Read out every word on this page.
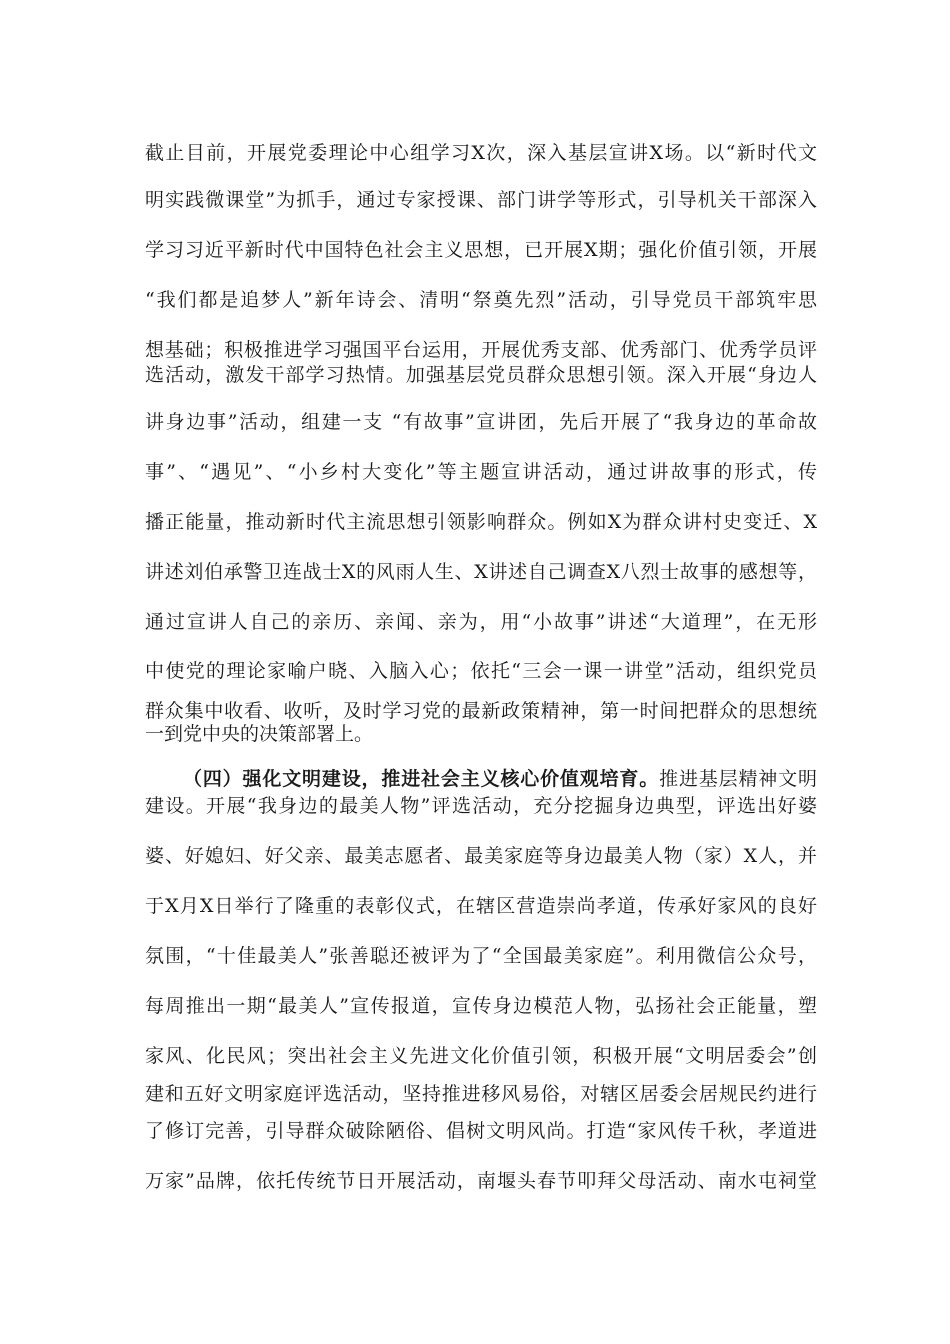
截止目前，开展党委理论中心组学习X次，深入基层宣讲X场。以“新时代文
明实践微课堂”为抓手，通过专家授课、部门讲学等形式，引导机关干部深入
学习习近平新时代中国特色社会主义思想，已开展X期；强化价值引领，开展
“我们都是追梦人”新年诗会、清明“祭奠先烈”活动，引导党员干部筑牢思
想基础；积极推进学习强国平台运用，开展优秀支部、优秀部门、优秀学员评
选活动，激发干部学习热情。加强基层党员群众思想引领。深入开展“身边人
讲身边事”活动，组建一支 “有故事”宣讲团，先后开展了“我身边的革命故
事”、“遇见”、“小乡村大变化”等主题宣讲活动，通过讲故事的形式，传
播正能量，推动新时代主流思想引领影响群众。例如X为群众讲村史变迁、X
讲述刘伯承警卫连战士X的风雨人生、X讲述自己调查X八烈士故事的感想等，
通过宣讲人自己的亲历、亲闻、亲为，用“小故事”讲述“大道理”，在无形
中使党的理论家喻户晓、入脑入心；依托“三会一课一讲堂”活动，组织党员
群众集中收看、收听，及时学习党的最新政策精神，第一时间把群众的思想统
一到党中央的决策部署上。
（四）强化文明建设，推进社会主义核心价值观培育。推进基层精神文明
建设。开展“我身边的最美人物”评选活动，充分挖掘身边典型，评选出好婆
婆、好媳妇、好父亲、最美志愿者、最美家庭等身边最美人物（家）X人，并
于X月X日举行了隆重的表彰仪式，在辖区营造崇尚孝道，传承好家风的良好
氛围，“十佳最美人”张善聪还被评为了“全国最美家庭”。利用微信公众号，
每周推出一期“最美人”宣传报道，宣传身边模范人物，弘扬社会正能量，塑
家风、化民风；突出社会主义先进文化价值引领，积极开展“文明居委会”创
建和五好文明家庭评选活动，坚持推进移风易俗，对辖区居委会居规民约进行
了修订完善，引导群众破除陋俗、倡树文明风尚。打造“家风传千秋，孝道进
万家”品牌，依托传统节日开展活动，南堰头春节叩拜父母活动、南水屯祠堂
